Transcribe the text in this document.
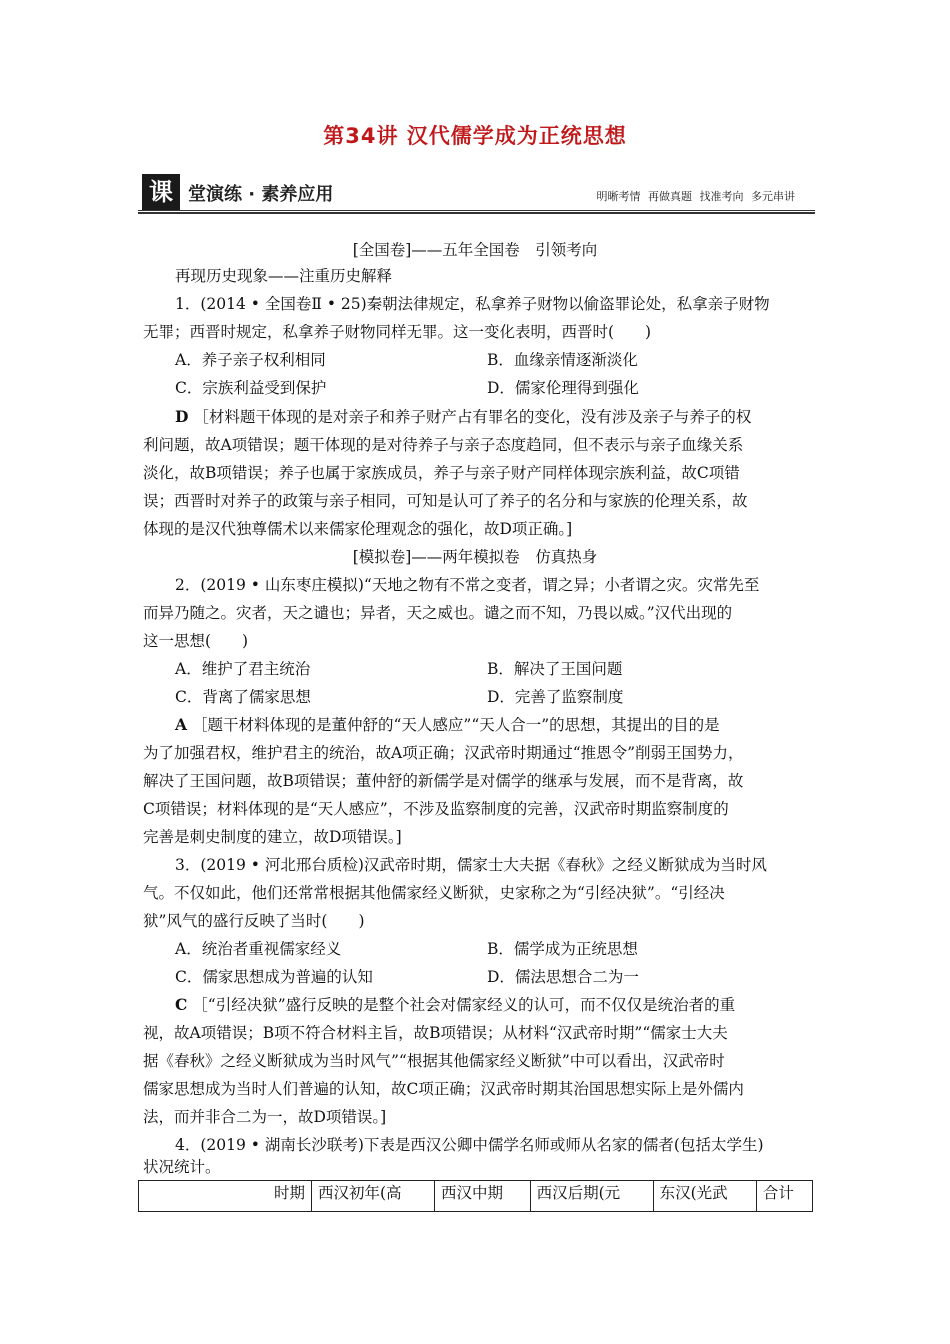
第34讲 汉代儒学成为正统思想
课 堂演练 · 素养应用	明晰考情 再做真题 找准考向 多元串讲
[全国卷]——五年全国卷　引领考向
再现历史现象——注重历史解释
1．(2014 • 全国卷Ⅱ • 25)秦朝法律规定，私拿养子财物以偷盗罪论处，私拿亲子财物
无罪；西晋时规定，私拿养子财物同样无罪。这一变化表明，西晋时(　　)
A．养子亲子权利相同	B．血缘亲情逐渐淡化
C．宗族利益受到保护	D．儒家伦理得到强化
D ［材料题干体现的是对亲子和养子财产占有罪名的变化，没有涉及亲子与养子的权
利问题，故A项错误；题干体现的是对待养子与亲子态度趋同，但不表示与亲子血缘关系
淡化，故B项错误；养子也属于家族成员，养子与亲子财产同样体现宗族利益，故C项错
误；西晋时对养子的政策与亲子相同，可知是认可了养子的名分和与家族的伦理关系，故
体现的是汉代独尊儒术以来儒家伦理观念的强化，故D项正确。]
[模拟卷]——两年模拟卷　仿真热身
2．(2019 • 山东枣庄模拟)“天地之物有不常之变者，谓之异；小者谓之灾。灾常先至
而异乃随之。灾者，天之谴也；异者，天之威也。谴之而不知，乃畏以威。”汉代出现的
这一思想(　　)
A．维护了君主统治	B．解决了王国问题
C．背离了儒家思想	D．完善了监察制度
A ［题干材料体现的是董仲舒的“天人感应”“天人合一”的思想，其提出的目的是
为了加强君权，维护君主的统治，故A项正确；汉武帝时期通过“推恩令”削弱王国势力，
解决了王国问题，故B项错误；董仲舒的新儒学是对儒学的继承与发展，而不是背离，故
C项错误；材料体现的是“天人感应”，不涉及监察制度的完善，汉武帝时期监察制度的
完善是刺史制度的建立，故D项错误。]
3．(2019 • 河北邢台质检)汉武帝时期，儒家士大夫据《春秋》之经义断狱成为当时风
气。不仅如此，他们还常常根据其他儒家经义断狱，史家称之为“引经决狱”。“引经决
狱”风气的盛行反映了当时(　　)
A．统治者重视儒家经义	B．儒学成为正统思想
C．儒家思想成为普遍的认知	D．儒法思想合二为一
C ［“引经决狱”盛行反映的是整个社会对儒家经义的认可，而不仅仅是统治者的重
视，故A项错误；B项不符合材料主旨，故B项错误；从材料“汉武帝时期”“儒家士大夫
据《春秋》之经义断狱成为当时风气”“根据其他儒家经义断狱”中可以看出，汉武帝时
儒家思想成为当时人们普遍的认知，故C项正确；汉武帝时期其治国思想实际上是外儒内
法，而并非合二为一，故D项错误。]
4．(2019 • 湖南长沙联考)下表是西汉公卿中儒学名师或师从名家的儒者(包括太学生)
状况统计。
时期	西汉初年(高	西汉中期	西汉后期(元	东汉(光武	合计
